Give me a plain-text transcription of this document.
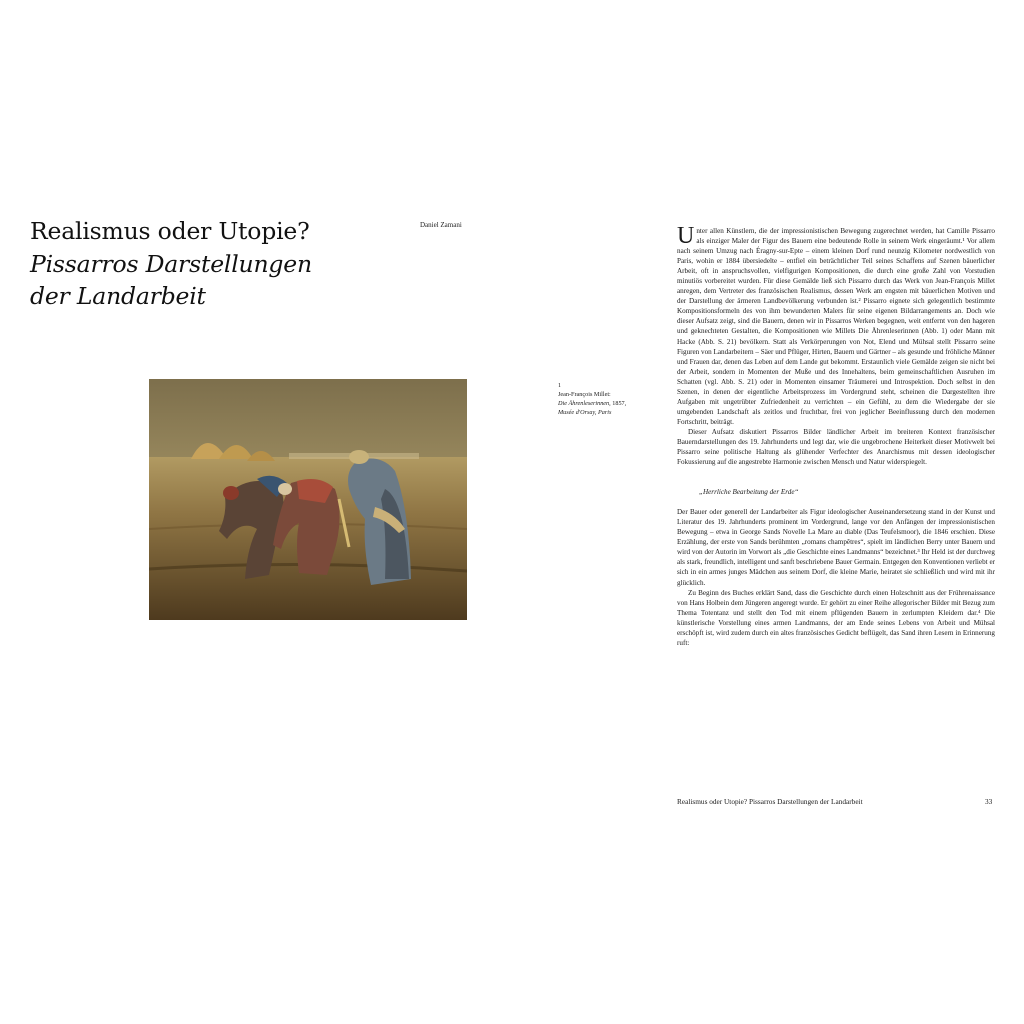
Realismus oder Utopie?
Pissarros Darstellungen
der Landarbeit
Daniel Zamani
1
Jean-François Millet:
Die Ährenleserinnen, 1857,
Musée d'Orsay, Paris

Unter allen Künstlern, die der impressionistischen Bewegung zugerechnet werden, hat Camille Pissarro als einziger Maler der Figur des Bauern eine bedeutende Rolle in seinem Werk eingeräumt.¹ Vor allem nach seinem Umzug nach Éragny-sur-Epte – einem kleinen Dorf rund neunzig Kilometer nordwestlich von Paris, wohin er 1884 übersiedelte – entfiel ein beträchtlicher Teil seines Schaffens auf Szenen bäuerlicher Arbeit, oft in anspruchsvollen, vielfigurigen Kompositionen, die durch eine große Zahl von Vorstudien minutiös vorbereitet wurden. Für diese Gemälde ließ sich Pissarro durch das Werk von Jean-François Millet anregen, dem Vertreter des französischen Realismus, dessen Werk am engsten mit bäuerlichen Motiven und der Darstellung der ärmeren Landbevölkerung verbunden ist.² Pissarro eignete sich gelegentlich bestimmte Kompositionsformeln des von ihm bewunderten Malers für seine eigenen Bildarrangements an. Doch wie dieser Aufsatz zeigt, sind die Bauern, denen wir in Pissarros Werken begegnen, weit entfernt von den hageren und geknechteten Gestalten, die Kompositionen wie Millets Die Ährenleserinnen (Abb. 1) oder Mann mit Hacke (Abb. S. 21) bevölkern. Statt als Verkörperungen von Not, Elend und Mühsal stellt Pissarro seine Figuren von Landarbeitern – Säer und Pflüger, Hirten, Bauern und Gärtner – als gesunde und fröhliche Männer und Frauen dar, denen das Leben auf dem Lande gut bekommt. Erstaunlich viele Gemälde zeigen sie nicht bei der Arbeit, sondern in Momenten der Muße und des Innehaltens, beim gemeinschaftlichen Ausruhen im Schatten (vgl. Abb. S. 21) oder in Momenten einsamer Träumerei und Introspektion. Doch selbst in den Szenen, in denen der eigentliche Arbeitsprozess im Vordergrund steht, scheinen die Dargestellten ihre Aufgaben mit ungetrübter Zufriedenheit zu verrichten – ein Gefühl, zu dem die Wiedergabe der sie umgebenden Landschaft als zeitlos und fruchtbar, frei von jeglicher Beeinflussung durch den modernen Fortschritt, beiträgt.

Dieser Aufsatz diskutiert Pissarros Bilder ländlicher Arbeit im breiteren Kontext französischer Bauerndarstellungen des 19. Jahrhunderts und legt dar, wie die ungebrochene Heiterkeit dieser Motivwelt bei Pissarro seine politische Haltung als glühender Verfechter des Anarchismus mit dessen ideologischer Fokussierung auf die angestrebte Harmonie zwischen Mensch und Natur widerspiegelt.

„Herrliche Bearbeitung der Erde“

Der Bauer oder generell der Landarbeiter als Figur ideologischer Auseinandersetzung stand in der Kunst und Literatur des 19. Jahrhunderts prominent im Vordergrund, lange vor den Anfängen der impressionistischen Bewegung – etwa in George Sands Novelle La Mare au diable (Das Teufelsmoor), die 1846 erschien. Diese Erzählung, der erste von Sands berühmten „romans champêtres“, spielt im ländlichen Berry unter Bauern und wird von der Autorin im Vorwort als „die Geschichte eines Landmanns“ bezeichnet.³ Ihr Held ist der durchweg als stark, freundlich, intelligent und sanft beschriebene Bauer Germain. Entgegen den Konventionen verliebt er sich in ein armes junges Mädchen aus seinem Dorf, die kleine Marie, heiratet sie schließlich und wird mit ihr glücklich.

Zu Beginn des Buches erklärt Sand, dass die Geschichte durch einen Holzschnitt aus der Frührenaissance von Hans Holbein dem Jüngeren angeregt wurde. Er gehört zu einer Reihe allegorischer Bilder mit Bezug zum Thema Totentanz und stellt den Tod mit einem pflügenden Bauern in zerlumpten Kleidern dar.⁴ Die künstlerische Vorstellung eines armen Landmanns, der am Ende seines Lebens von Arbeit und Mühsal erschöpft ist, wird zudem durch ein altes französisches Gedicht beflügelt, das Sand ihren Lesern in Erinnerung ruft:

Realismus oder Utopie? Pissarros Darstellungen der Landarbeit	33
